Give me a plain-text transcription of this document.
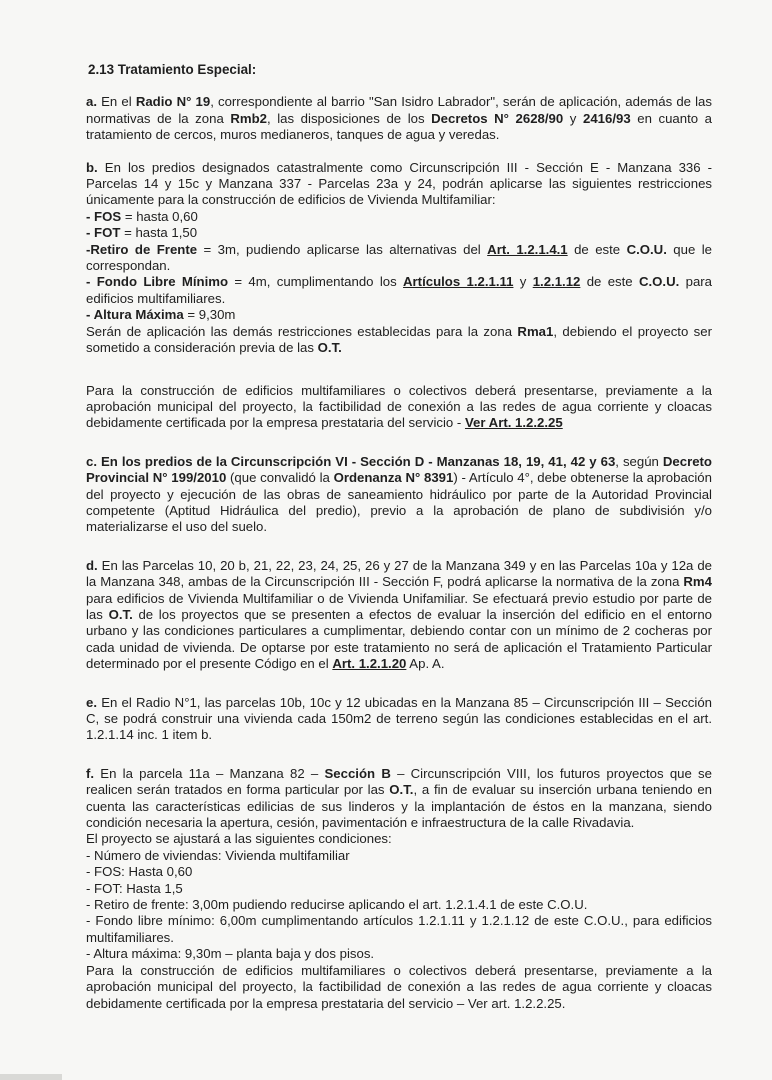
2.13 Tratamiento Especial:

a. En el Radio N° 19, correspondiente al barrio "San Isidro Labrador", serán de aplicación, además de las normativas de la zona Rmb2, las disposiciones de los Decretos N° 2628/90 y 2416/93 en cuanto a tratamiento de cercos, muros medianeros, tanques de agua y veredas.

b. En los predios designados catastralmente como Circunscripción III - Sección E - Manzana 336 - Parcelas 14 y 15c y Manzana 337 - Parcelas 23a y 24, podrán aplicarse las siguientes restricciones únicamente para la construcción de edificios de Vivienda Multifamiliar:

- FOS = hasta 0,60
- FOT = hasta 1,50

-Retiro de Frente = 3m, pudiendo aplicarse las alternativas del Art. 1.2.1.4.1 de este C.O.U. que le correspondan.

- Fondo Libre Mínimo = 4m, cumplimentando los Artículos 1.2.1.11 y 1.2.1.12 de este C.O.U. para edificios multifamiliares.

- Altura Máxima = 9,30m

Serán de aplicación las demás restricciones establecidas para la zona Rma1, debiendo el proyecto ser sometido a consideración previa de las O.T.

Para la construcción de edificios multifamiliares o colectivos deberá presentarse, previamente a la aprobación municipal del proyecto, la factibilidad de conexión a las redes de agua corriente y cloacas debidamente certificada por la empresa prestataria del servicio - Ver Art. 1.2.2.25

c. En los predios de la Circunscripción VI - Sección D - Manzanas 18, 19, 41, 42 y 63, según Decreto Provincial N° 199/2010 (que convalidó la Ordenanza N° 8391) - Artículo 4°, debe obtenerse la aprobación del proyecto y ejecución de las obras de saneamiento hidráulico por parte de la Autoridad Provincial competente (Aptitud Hidráulica del predio), previo a la aprobación de plano de subdivisión y/o materializarse el uso del suelo.

d. En las Parcelas 10, 20 b, 21, 22, 23, 24, 25, 26 y 27 de la Manzana 349 y en las Parcelas 10a y 12a de la Manzana 348, ambas de la Circunscripción III - Sección F, podrá aplicarse la normativa de la zona Rm4 para edificios de Vivienda Multifamiliar o de Vivienda Unifamiliar. Se efectuará previo estudio por parte de las O.T. de los proyectos que se presenten a efectos de evaluar la inserción del edificio en el entorno urbano y las condiciones particulares a cumplimentar, debiendo contar con un mínimo de 2 cocheras por cada unidad de vivienda. De optarse por este tratamiento no será de aplicación el Tratamiento Particular determinado por el presente Código en el Art. 1.2.1.20 Ap. A.

e. En el Radio N°1, las parcelas 10b, 10c y 12 ubicadas en la Manzana 85 – Circunscripción III – Sección C, se podrá construir una vivienda cada 150m2 de terreno según las condiciones establecidas en el art. 1.2.1.14 inc. 1 item b.

f. En la parcela 11a – Manzana 82 – Sección B – Circunscripción VIII, los futuros proyectos que se realicen serán tratados en forma particular por las O.T., a fin de evaluar su inserción urbana teniendo en cuenta las características edilicias de sus linderos y la implantación de éstos en la manzana, siendo condición necesaria la apertura, cesión, pavimentación e infraestructura de la calle Rivadavia.

El proyecto se ajustará a las siguientes condiciones:
- Número de viviendas: Vivienda multifamiliar
- FOS: Hasta 0,60
- FOT: Hasta 1,5
- Retiro de frente: 3,00m pudiendo reducirse aplicando el art. 1.2.1.4.1 de este C.O.U.

- Fondo libre mínimo: 6,00m cumplimentando artículos 1.2.1.11 y 1.2.1.12 de este C.O.U., para edificios multifamiliares.

- Altura máxima: 9,30m – planta baja y dos pisos.

Para la construcción de edificios multifamiliares o colectivos deberá presentarse, previamente a la aprobación municipal del proyecto, la factibilidad de conexión a las redes de agua corriente y cloacas debidamente certificada por la empresa prestataria del servicio – Ver art. 1.2.2.25.
